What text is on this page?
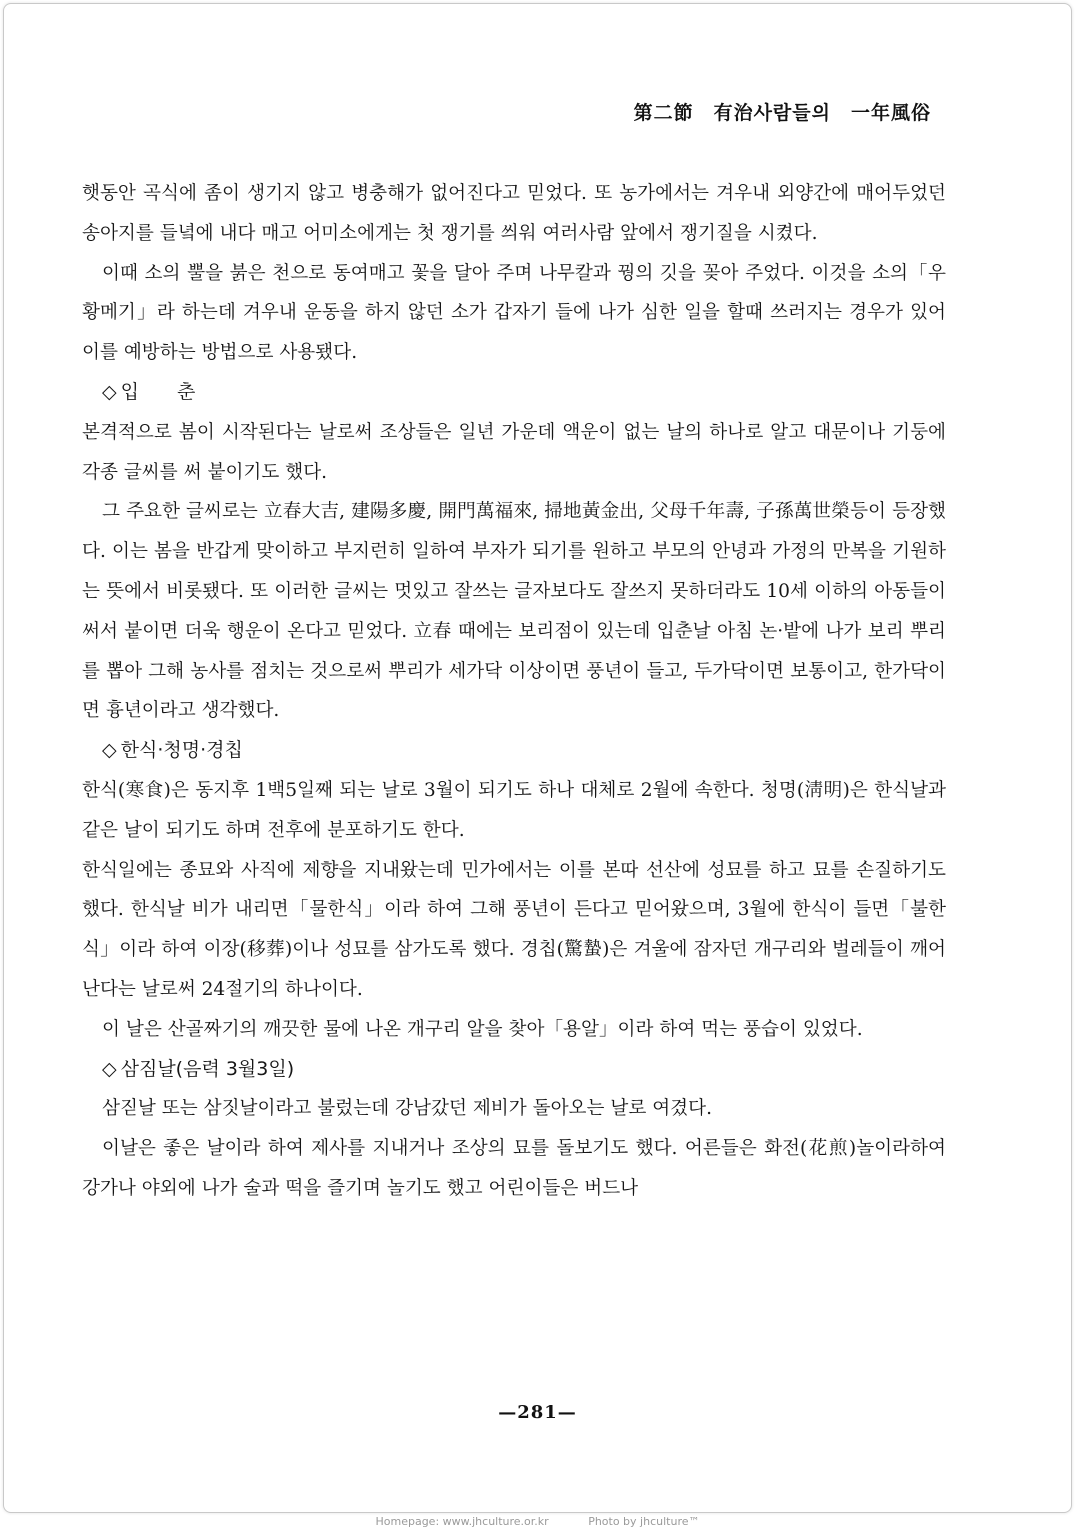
第二節　有治사람들의　一年風俗

햇동안 곡식에 좀이 생기지 않고 병충해가 없어진다고 믿었다. 또 농가에서는 겨우내 외양간에 매어두었던 송아지를 들녘에 내다 매고 어미소에게는 첫 쟁기를 씌워 여러사람 앞에서 쟁기질을 시켰다.

이때 소의 뿔을 붉은 천으로 동여매고 꽃을 달아 주며 나무칼과 꿩의 깃을 꽂아 주었다. 이것을 소의「우 황메기」라 하는데 겨우내 운동을 하지 않던 소가 갑자기 들에 나가 심한 일을 할때 쓰러지는 경우가 있어 이를 예방하는 방법으로 사용됐다.

◇ 입　　춘

본격적으로 봄이 시작된다는 날로써 조상들은 일년 가운데 액운이 없는 날의 하나로 알고 대문이나 기둥에 각종 글씨를 써 붙이기도 했다.

그 주요한 글씨로는 立春大吉, 建陽多慶, 開門萬福來, 掃地黃金出, 父母千年壽, 子孫萬世榮등이 등장했다. 이는 봄을 반갑게 맞이하고 부지런히 일하여 부자가 되기를 원하고 부모의 안녕과 가정의 만복을 기원하는 뜻에서 비롯됐다. 또 이러한 글씨는 멋있고 잘쓰는 글자보다도 잘쓰지 못하더라도 10세 이하의 아동들이 써서 붙이면 더욱 행운이 온다고 믿었다. 立春 때에는 보리점이 있는데 입춘날 아침 논·밭에 나가 보리 뿌리를 뽑아 그해 농사를 점치는 것으로써 뿌리가 세가닥 이상이면 풍년이 들고, 두가닥이면 보통이고, 한가닥이면 흉년이라고 생각했다.

◇ 한식·청명·경칩

한식(寒食)은 동지후 1백5일째 되는 날로 3월이 되기도 하나 대체로 2월에 속한다. 청명(淸明)은 한식날과 같은 날이 되기도 하며 전후에 분포하기도 한다.

한식일에는 종묘와 사직에 제향을 지내왔는데 민가에서는 이를 본따 선산에 성묘를 하고 묘를 손질하기도 했다. 한식날 비가 내리면「물한식」이라 하여 그해 풍년이 든다고 믿어왔으며, 3월에 한식이 들면「불한식」이라 하여 이장(移葬)이나 성묘를 삼가도록 했다. 경칩(驚蟄)은 겨울에 잠자던 개구리와 벌레들이 깨어난다는 날로써 24절기의 하나이다.

이 날은 산골짜기의 깨끗한 물에 나온 개구리 알을 찾아「용알」이라 하여 먹는 풍습이 있었다.

◇ 삼짐날(음력 3월3일)

삼짇날 또는 삼짓날이라고 불렀는데 강남갔던 제비가 돌아오는 날로 여겼다.

이날은 좋은 날이라 하여 제사를 지내거나 조상의 묘를 돌보기도 했다. 어른들은 화전(花煎)놀이라하여 강가나 야외에 나가 술과 떡을 즐기며 놀기도 했고 어린이들은 버드나

—281—
Homepage: www.jhculture.or.kr	Photo by jhculture™
